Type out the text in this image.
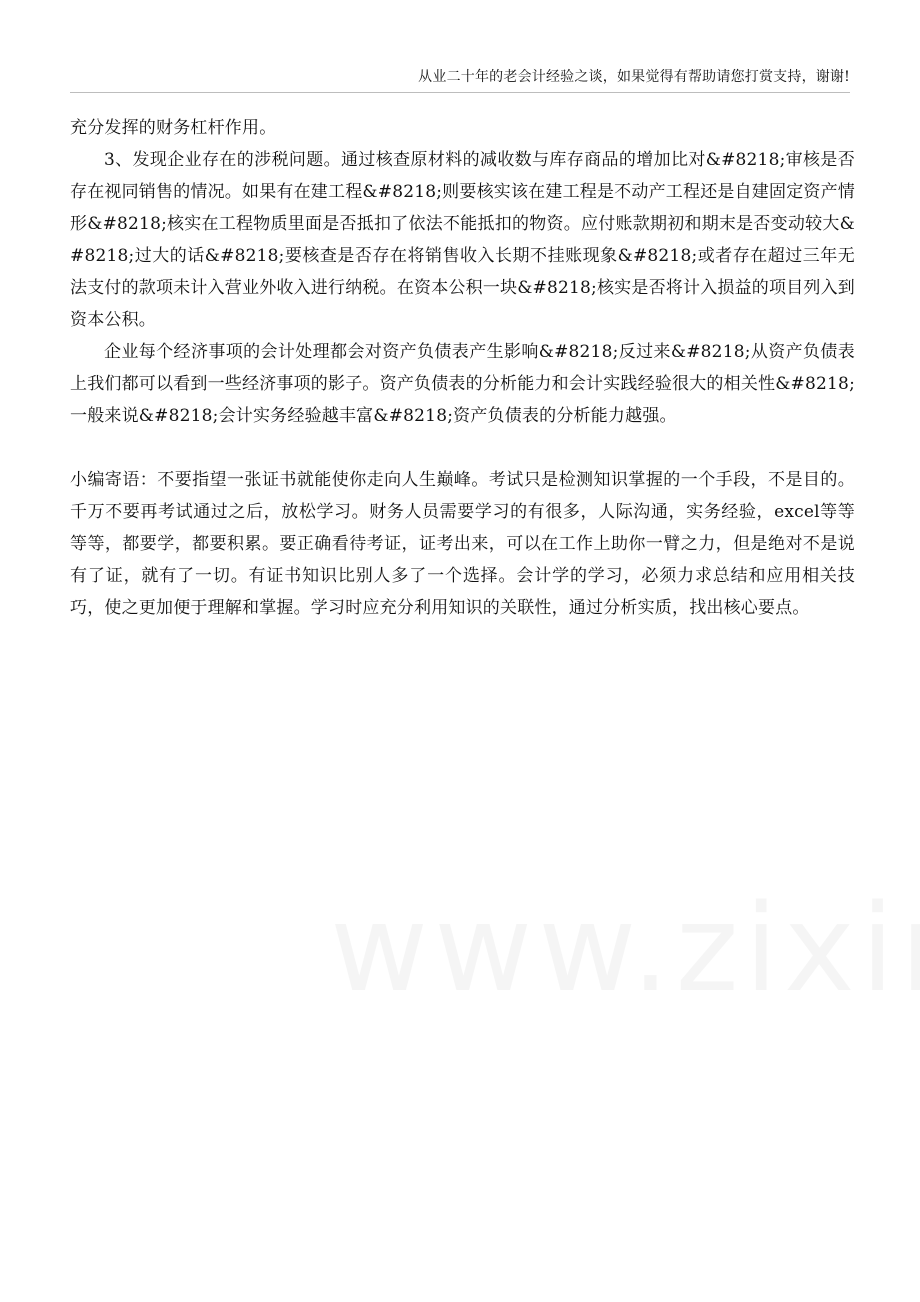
从业二十年的老会计经验之谈，如果觉得有帮助请您打赏支持，谢谢!

充分发挥的财务杠杆作用。

3、发现企业存在的涉税问题。通过核查原材料的减收数与库存商品的增加比对&#8218;审核是否存在视同销售的情况。如果有在建工程&#8218;则要核实该在建工程是不动产工程还是自建固定资产情形&#8218;核实在工程物质里面是否抵扣了依法不能抵扣的物资。应付账款期初和期末是否变动较大&#8218;过大的话&#8218;要核查是否存在将销售收入长期不挂账现象&#8218;或者存在超过三年无法支付的款项未计入营业外收入进行纳税。在资本公积一块&#8218;核实是否将计入损益的项目列入到资本公积。

企业每个经济事项的会计处理都会对资产负债表产生影响&#8218;反过来&#8218;从资产负债表上我们都可以看到一些经济事项的影子。资产负债表的分析能力和会计实践经验很大的相关性&#8218;一般来说&#8218;会计实务经验越丰富&#8218;资产负债表的分析能力越强。

小编寄语：不要指望一张证书就能使你走向人生巅峰。考试只是检测知识掌握的一个手段，不是目的。千万不要再考试通过之后，放松学习。财务人员需要学习的有很多，人际沟通，实务经验，excel等等等等，都要学，都要积累。要正确看待考证，证考出来，可以在工作上助你一臂之力，但是绝对不是说有了证，就有了一切。有证书知识比别人多了一个选择。会计学的学习，必须力求总结和应用相关技巧，使之更加便于理解和掌握。学习时应充分利用知识的关联性，通过分析实质，找出核心要点。
